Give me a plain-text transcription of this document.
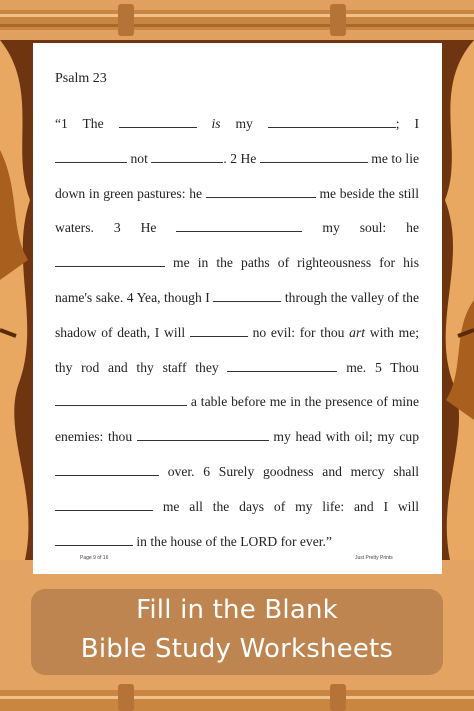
Psalm 23
“1 The	is my	; I  not	. 2 He	me to lie down in green pastures: he	me beside the still waters. 3 He	my soul: he  me in the paths of righteousness for his name's sake. 4 Yea, though I	through the valley of the shadow of death, I will	no evil: for thou art with me; thy rod and thy staff they	me. 5 Thou  a table before me in the presence of mine enemies: thou	my head with oil; my cup  over. 6 Surely goodness and mercy shall  me all the days of my life: and I will  in the house of the LORD for ever.”
Page 9 of 16	Just Pretty Prints
Fill in the Blank
Bible Study Worksheets
